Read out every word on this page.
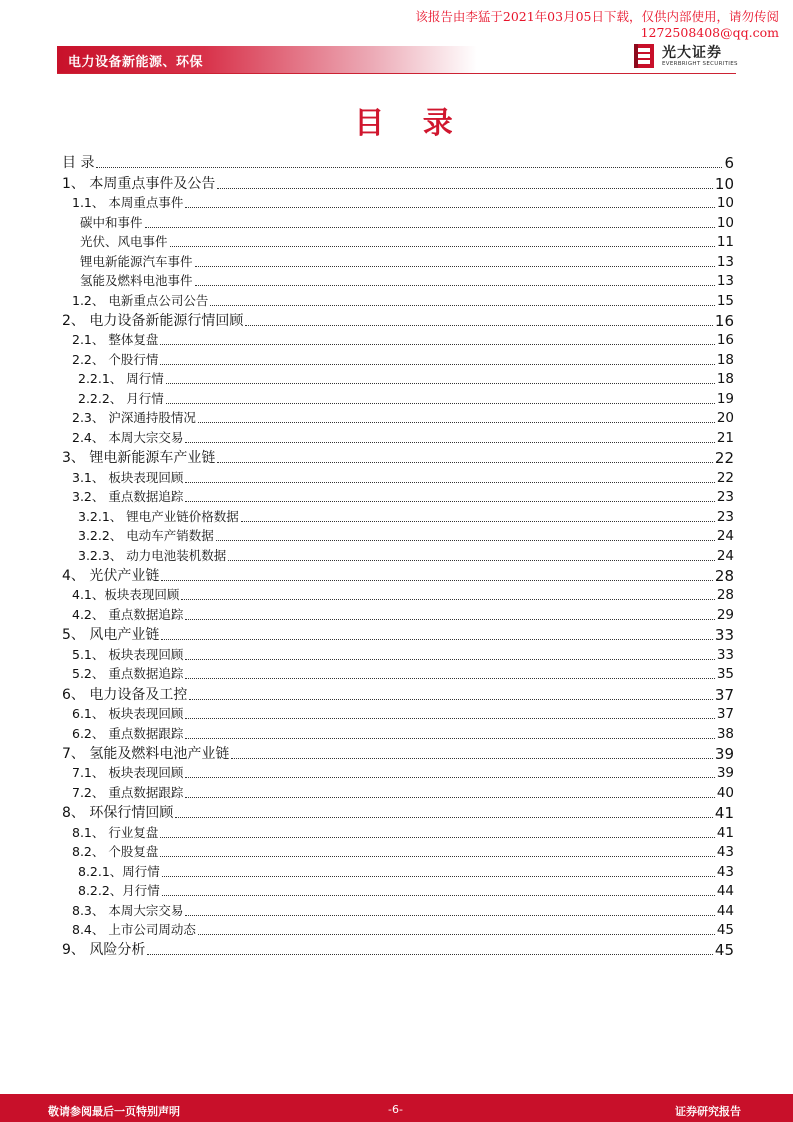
该报告由李猛于2021年03月05日下载，仅供内部使用，请勿传阅
1272508408@qq.com
电力设备新能源、环保
光大证券
EVERBRIGHT SECURITIES
目 录
目 录	6
1、 本周重点事件及公告	10
1.1、 本周重点事件	10
碳中和事件	10
光伏、风电事件	11
锂电新能源汽车事件	13
氢能及燃料电池事件	13
1.2、 电新重点公司公告	15
2、 电力设备新能源行情回顾	16
2.1、 整体复盘	16
2.2、 个股行情	18
2.2.1、 周行情	18
2.2.2、 月行情	19
2.3、 沪深通持股情况	20
2.4、 本周大宗交易	21
3、 锂电新能源车产业链	22
3.1、 板块表现回顾	22
3.2、 重点数据追踪	23
3.2.1、 锂电产业链价格数据	23
3.2.2、 电动车产销数据	24
3.2.3、 动力电池装机数据	24
4、 光伏产业链	28
4.1、板块表现回顾	28
4.2、 重点数据追踪	29
5、 风电产业链	33
5.1、 板块表现回顾	33
5.2、 重点数据追踪	35
6、 电力设备及工控	37
6.1、 板块表现回顾	37
6.2、 重点数据跟踪	38
7、 氢能及燃料电池产业链	39
7.1、 板块表现回顾	39
7.2、 重点数据跟踪	40
8、 环保行情回顾	41
8.1、 行业复盘	41
8.2、 个股复盘	43
8.2.1、周行情	43
8.2.2、月行情	44
8.3、 本周大宗交易	44
8.4、 上市公司周动态	45
9、 风险分析	45
敬请参阅最后一页特别声明	-6-	证券研究报告
